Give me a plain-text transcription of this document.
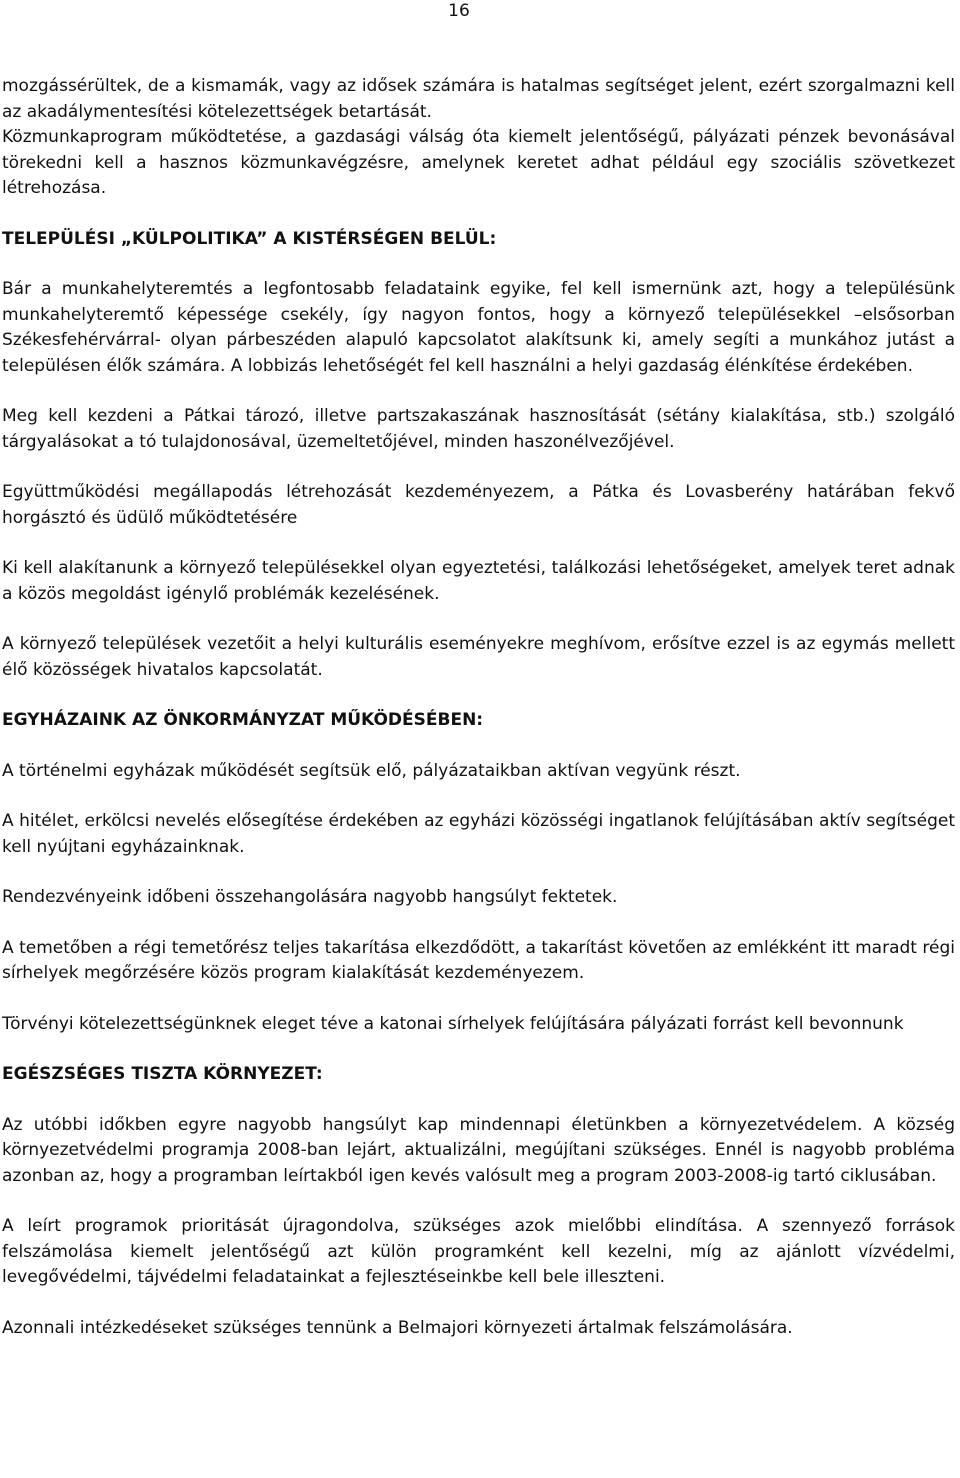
16

mozgássérültek, de a kismamák, vagy az idősek számára is hatalmas segítséget jelent, ezért szorgalmazni kell az akadálymentesítési kötelezettségek betartását.

Közmunkaprogram működtetése, a gazdasági válság óta kiemelt jelentőségű, pályázati pénzek bevonásával törekedni kell a hasznos közmunkavégzésre, amelynek keretet adhat például egy szociális szövetkezet létrehozása.

TELEPÜLÉSI „KÜLPOLITIKA” A KISTÉRSÉGEN BELÜL:

Bár a munkahelyteremtés a legfontosabb feladataink egyike, fel kell ismernünk azt, hogy a településünk munkahelyteremtő képessége csekély, így nagyon fontos, hogy a környező településekkel –elsősorban Székesfehérvárral- olyan párbeszéden alapuló kapcsolatot alakítsunk ki, amely segíti a munkához jutást a településen élők számára. A lobbizás lehetőségét fel kell használni a helyi gazdaság élénkítése érdekében.

Meg kell kezdeni a Pátkai tározó, illetve partszakaszának hasznosítását (sétány kialakítása, stb.) szolgáló tárgyalásokat a tó tulajdonosával, üzemeltetőjével, minden haszonélvezőjével.

Együttműködési megállapodás létrehozását kezdeményezem, a Pátka és Lovasberény határában fekvő horgásztó és üdülő működtetésére

Ki kell alakítanunk a környező településekkel olyan egyeztetési, találkozási lehetőségeket, amelyek teret adnak a közös megoldást igénylő problémák kezelésének.

A környező települések vezetőit a helyi kulturális eseményekre meghívom, erősítve ezzel is az egymás mellett élő közösségek hivatalos kapcsolatát.

EGYHÁZAINK AZ ÖNKORMÁNYZAT MŰKÖDÉSÉBEN:

A történelmi egyházak működését segítsük elő, pályázataikban aktívan vegyünk részt.

A hitélet, erkölcsi nevelés elősegítése érdekében az egyházi közösségi ingatlanok felújításában aktív segítséget kell nyújtani egyházainknak.

Rendezvényeink időbeni összehangolására nagyobb hangsúlyt fektetek.

A temetőben a régi temetőrész teljes takarítása elkezdődött, a takarítást követően az emlékként itt maradt régi sírhelyek megőrzésére közös program kialakítását kezdeményezem.

Törvényi kötelezettségünknek eleget téve a katonai sírhelyek felújítására pályázati forrást kell bevonnunk

EGÉSZSÉGES TISZTA KÖRNYEZET:

Az utóbbi időkben egyre nagyobb hangsúlyt kap mindennapi életünkben a környezetvédelem. A község környezetvédelmi programja 2008-ban lejárt, aktualizálni, megújítani szükséges. Ennél is nagyobb probléma azonban az, hogy a programban leírtakból igen kevés valósult meg a program 2003-2008-ig tartó ciklusában.

A leírt programok prioritását újragondolva, szükséges azok mielőbbi elindítása. A szennyező források felszámolása kiemelt jelentőségű azt külön programként kell kezelni, míg az ajánlott vízvédelmi, levegővédelmi, tájvédelmi feladatainkat a fejlesztéseinkbe kell bele illeszteni.

Azonnali intézkedéseket szükséges tennünk a Belmajori környezeti ártalmak felszámolására.
